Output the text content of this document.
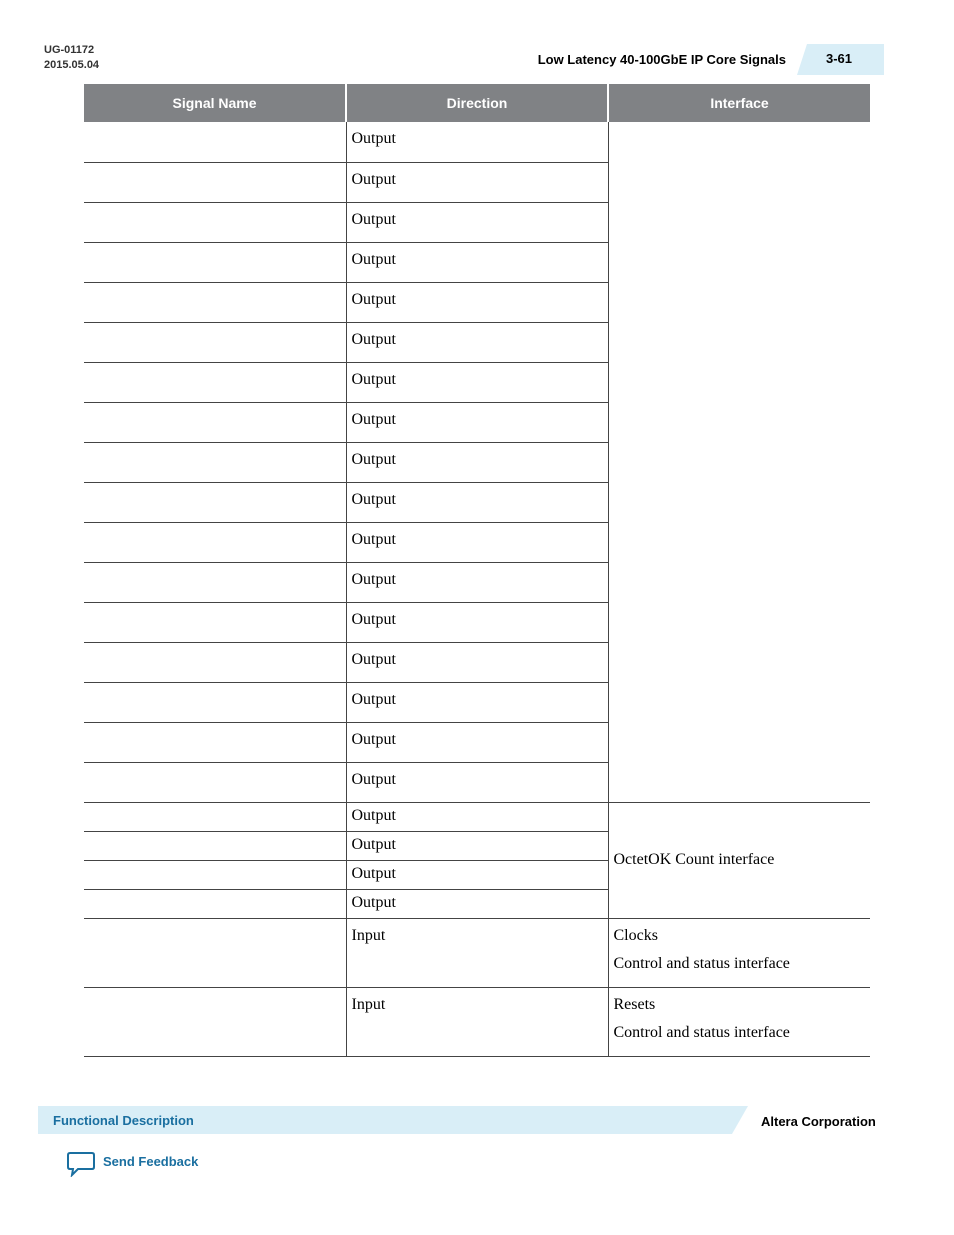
UG-01172
2015.05.04	Low Latency 40-100GbE IP Core Signals	3-61
Signal Name	Direction	Interface
	Output	
	Output	
	Output	
	Output	
	Output	
	Output	
	Output	
	Output	
	Output	
	Output	
	Output	
	Output	
	Output	
	Output	
	Output	
	Output	
	Output	
	Output	OctetOK Count interface
	Output	
	Output	
	Output	
	Input	Clocks
Control and status interface

	Input	Resets
Control and status interface
Functional Description	Altera Corporation
Send Feedback
